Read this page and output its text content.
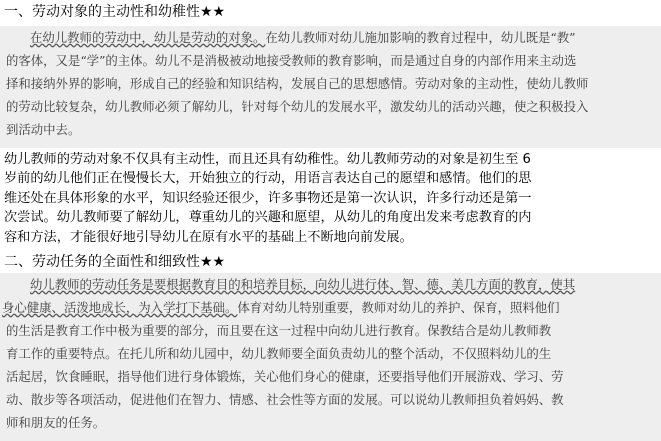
一、劳动对象的主动性和幼稚性★★
在幼儿教师的劳动中，幼儿是劳动的对象。在幼儿教师对幼儿施加影响的教育过程中，幼儿既是“教”
的客体，又是“学”的主体。幼儿不是消极被动地接受教师的教育影响，而是通过自身的内部作用来主动选
择和接纳外界的影响，形成自己的经验和知识结构，发展自己的思想感情。劳动对象的主动性，使幼儿教师
的劳动比较复杂，幼儿教师必须了解幼儿，针对每个幼儿的发展水平，激发幼儿的活动兴趣，使之积极投入
到活动中去。
幼儿教师的劳动对象不仅具有主动性，而且还具有幼稚性。幼儿教师劳动的对象是初生至 6
岁前的幼儿他们正在慢慢长大，开始独立的行动，用语言表达自己的愿望和感情。他们的思
维还处在具体形象的水平，知识经验还很少，许多事物还是第一次认识，许多行动还是第一
次尝试。幼儿教师要了解幼儿，尊重幼儿的兴趣和愿望，从幼儿的角度出发来考虑教育的内
容和方法，才能很好地引导幼儿在原有水平的基础上不断地向前发展。
二、劳动任务的全面性和细致性★★
幼儿教师的劳动任务是要根据教育目的和培养目标，向幼儿进行体、智、德、美几方面的教育，使其
身心健康、活泼地成长，为入学打下基础。体育对幼儿特别重要，教师对幼儿的养护、保育，照料他们
的生活是教育工作中极为重要的部分，而且要在这一过程中向幼儿进行教育。保教结合是幼儿教师教
育工作的重要特点。在托儿所和幼儿园中，幼儿教师要全面负责幼儿的整个活动，不仅照料幼儿的生
活起居，饮食睡眠，指导他们进行身体锻炼，关心他们身心的健康，还要指导他们开展游戏、学习、劳
动、散步等各项活动，促进他们在智力、情感、社会性等方面的发展。可以说幼儿教师担负着妈妈、教
师和朋友的任务。
